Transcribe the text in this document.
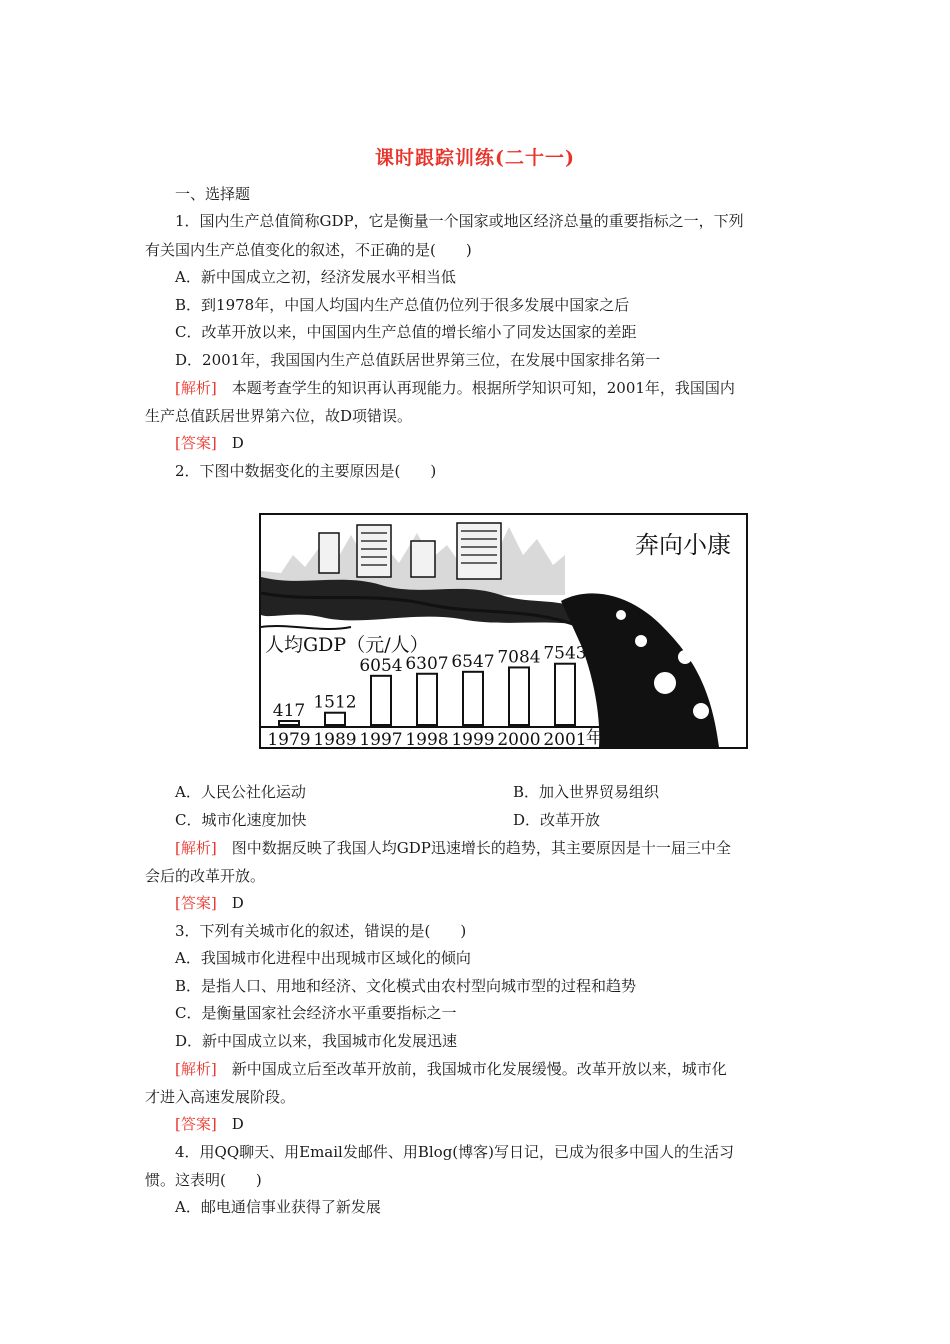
课时跟踪训练(二十一)
一、选择题
1．国内生产总值简称GDP，它是衡量一个国家或地区经济总量的重要指标之一，下列
有关国内生产总值变化的叙述，不正确的是(　　)
A．新中国成立之初，经济发展水平相当低
B．到1978年，中国人均国内生产总值仍位列于很多发展中国家之后
C．改革开放以来，中国国内生产总值的增长缩小了同发达国家的差距
D．2001年，我国国内生产总值跃居世界第三位，在发展中国家排名第一
[解析]　 本题考查学生的知识再认再现能力。根据所学知识可知，2001年，我国国内
生产总值跃居世界第六位，故D项错误。
[答案]　 D
2．下图中数据变化的主要原因是(　　)
奔向小康
人均GDP（元/人）
417 1512
6054 6307 6547 7084 7543
1979 1989 1997 1998 1999 2000 2001 年
A．人民公社化运动	B．加入世界贸易组织
C．城市化速度加快	D．改革开放
[解析]　 图中数据反映了我国人均GDP迅速增长的趋势，其主要原因是十一届三中全
会后的改革开放。
[答案]　 D
3．下列有关城市化的叙述，错误的是(　　)
A．我国城市化进程中出现城市区域化的倾向
B．是指人口、用地和经济、文化模式由农村型向城市型的过程和趋势
C．是衡量国家社会经济水平重要指标之一
D．新中国成立以来，我国城市化发展迅速
[解析]　 新中国成立后至改革开放前，我国城市化发展缓慢。改革开放以来，城市化
才进入高速发展阶段。
[答案]　 D
4．用QQ聊天、用Email发邮件、用Blog(博客)写日记，已成为很多中国人的生活习
惯。这表明(　　)
A．邮电通信事业获得了新发展
